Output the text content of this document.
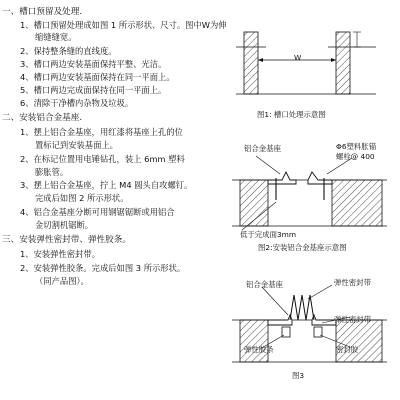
一、槽口预留及处理.
1、槽口预留处理成如图 1 所示形状、尺寸。图中W为伸
缩缝缝宽。
2、保持整条缝的直线度。
3、槽口两边安装基面保持平整、光洁。
4、槽口两边安装基面保持在同一平面上。
5、槽口两边完成面保持在同一平面上。
6、清除干净槽内杂物及垃圾。
二、安装铝合金基座.
1、摆上铝合金基座，用红漆将基座上孔的位
置标记到安装基面上。
2、在标记位置用电锤钻孔，装上 6mm 塑料
膨胀管。
3、摆上铝合金基座，拧上 M4 圆头自攻螺钉。
完成后如图 2 所示形状。
4、铝合金基座分断可用钢锯锯断或用铝合
金切割机锯断。
三、安装弹性密封带、弹性胶条。
1、安装弹性密封带。
2、安装弹性胶条。完成后如图 3 所示形状。
（同产品图）。
W
图1: 槽口处理示意图
铝合金基座	Φ6塑料胀锚
螺栓@ 400
低于完成面3mm
图2:安装铝合金基座示意图
铝合金基座	弹性密封带
弹性密封带
弹性胶条	密封胶
图3
